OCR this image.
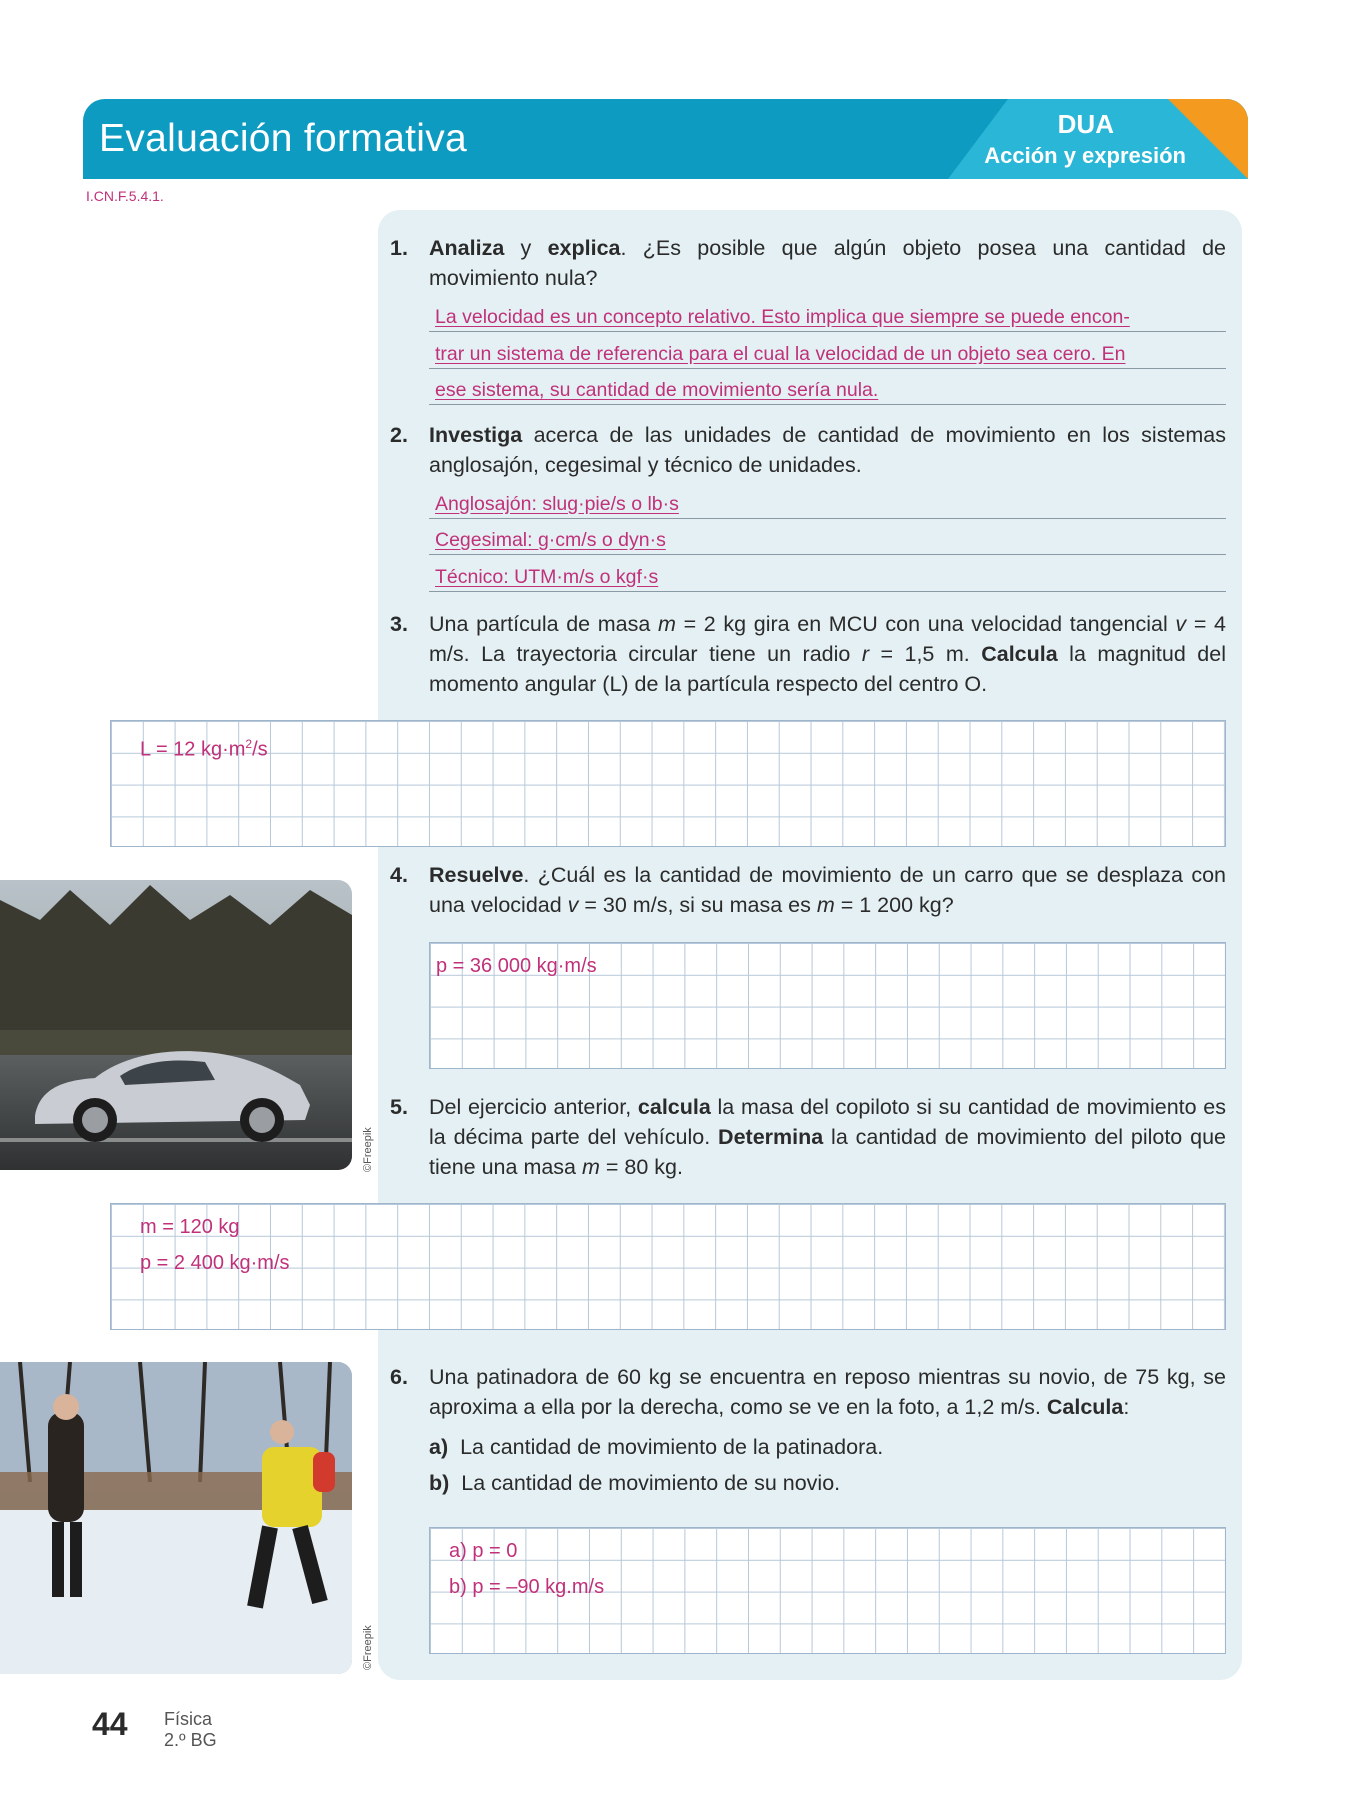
Evaluación formativa	DUA
Acción y expresión
I.CN.F.5.4.1.
1. Analiza y explica. ¿Es posible que algún objeto posea una cantidad de movimiento nula?
La velocidad es un concepto relativo. Esto implica que siempre se puede encon-
trar un sistema de referencia para el cual la velocidad de un objeto sea cero. En
ese sistema, su cantidad de movimiento sería nula.
2. Investiga acerca de las unidades de cantidad de movimiento en los sistemas anglosajón, cegesimal y técnico de unidades.
Anglosajón: slug·pie/s o lb·s
Cegesimal: g·cm/s o dyn·s
Técnico: UTM·m/s o kgf·s
3. Una partícula de masa m = 2 kg gira en MCU con una velocidad tangencial v = 4 m/s. La trayectoria circular tiene un radio r = 1,5 m. Calcula la magnitud del momento angular (L) de la partícula respecto del centro O.
L = 12 $kg\cdot m^2/s$
©Freepik
4. Resuelve. ¿Cuál es la cantidad de movimiento de un carro que se desplaza con una velocidad v = 30 m/s, si su masa es m = 1 200 kg?
p = 36 000 kg·m/s
5. Del ejercicio anterior, calcula la masa del copiloto si su cantidad de movimiento es la décima parte del vehículo. Determina la cantidad de movimiento del piloto que tiene una masa m = 80 kg.
m = 120 kg
p = 2 400 kg·m/s
©Freepik
6. Una patinadora de 60 kg se encuentra en reposo mientras su novio, de 75 kg, se aproxima a ella por la derecha, como se ve en la foto, a 1,2 m/s. Calcula:
a) La cantidad de movimiento de la patinadora.
b) La cantidad de movimiento de su novio.
a) p = 0
b) p = –90 kg.m/s
44 Física
2.º BG
